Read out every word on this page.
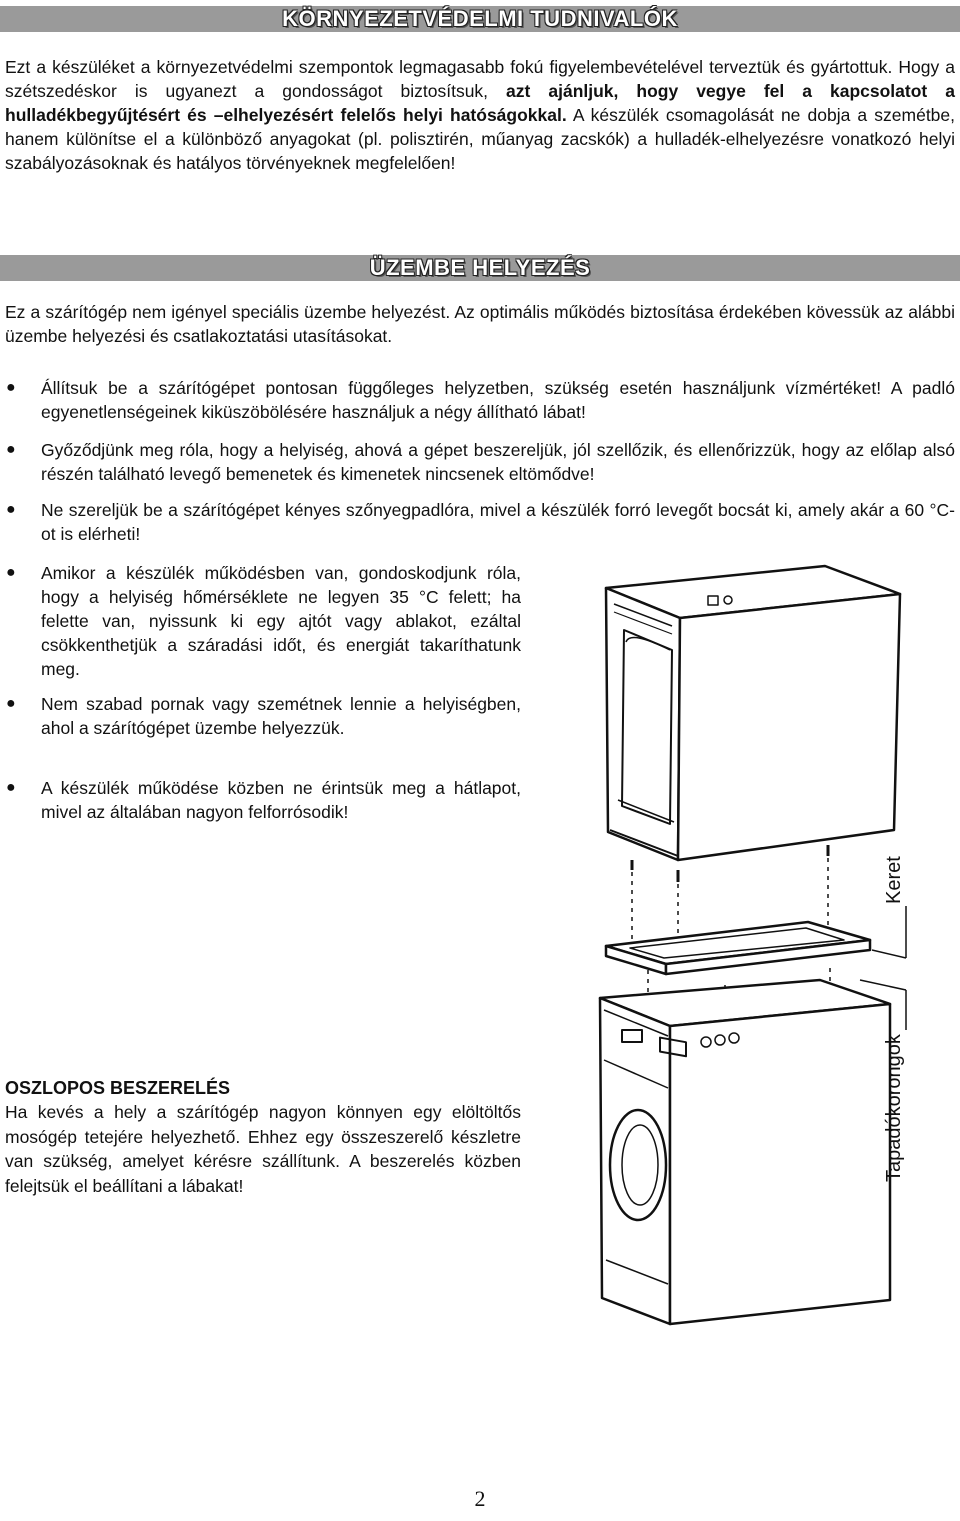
KÖRNYEZETVÉDELMI TUDNIVALÓK

Ezt a készüléket a környezetvédelmi szempontok legmagasabb fokú figyelembevételével terveztük és gyártottuk. Hogy a szétszedéskor is ugyanezt a gondosságot biztosítsuk, azt ajánljuk, hogy vegye fel a kapcsolatot a hulladékbegyűjtésért és –elhelyezésért felelős helyi hatóságokkal. A készülék csomagolását ne dobja a szemétbe, hanem különítse el a különböző anyagokat (pl. polisztirén, műanyag zacskók) a hulladék-elhelyezésre vonatkozó helyi szabályozásoknak és hatályos törvényeknek megfelelően!

ÜZEMBE HELYEZÉS

Ez a szárítógép nem igényel speciális üzembe helyezést. Az optimális működés biztosítása érdekében kövessük az alábbi üzembe helyezési és csatlakoztatási utasításokat.

● Állítsuk be a szárítógépet pontosan függőleges helyzetben, szükség esetén használjunk vízmértéket! A padló egyenetlenségeinek kiküszöbölésére használjuk a négy állítható lábat!

● Győződjünk meg róla, hogy a helyiség, ahová a gépet beszereljük, jól szellőzik, és ellenőrizzük, hogy az előlap alsó részén található levegő bemenetek és kimenetek nincsenek eltömődve!

● Ne szereljük be a szárítógépet kényes szőnyegpadlóra, mivel a készülék forró levegőt bocsát ki, amely akár a 60 °C-ot is elérheti!

● Amikor a készülék működésben van, gondoskodjunk róla, hogy a helyiség hőmérséklete ne legyen 35 °C felett; ha felette van, nyissunk ki egy ajtót vagy ablakot, ezáltal csökkenthetjük a száradási időt, és energiát takaríthatunk meg.

● Nem szabad pornak vagy szemétnek lennie a helyiségben, ahol a szárítógépet üzembe helyezzük.

● A készülék működése közben ne érintsük meg a hátlapot, mivel az általában nagyon felforrósodik!

OSZLOPOS BESZERELÉS

Ha kevés a hely a szárítógép nagyon könnyen egy elöltöltős mosógép tetejére helyezhető. Ehhez egy összeszerelő készletre van szükség, amelyet kérésre szállítunk. A beszerelés közben felejtsük el beállítani a lábakat!

Keret
Tapadókorongok
2
